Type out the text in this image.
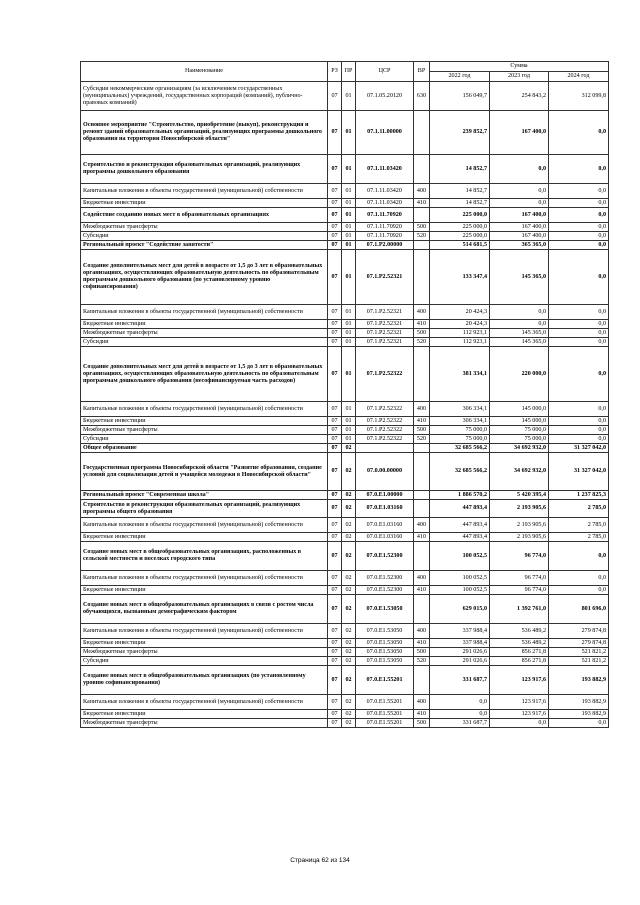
Наименование	РЗ	ПР	ЦСР	ВР	Сумма		
					2022 год	2023 год	2024 год
Субсидии некоммерческим организациям (за исключением государственных (муниципальных) учреждений, государственных корпораций (компаний), публично-правовых компаний)	07	01	07.1.05.20120	630	156 049,7	254 843,2	312 099,8
Основное мероприятие "Строительство, приобретение (выкуп), реконструкция и ремонт зданий образовательных организаций, реализующих программы дошкольного образования на территории Новосибирской области"	07	01	07.1.11.00000		239 852,7	167 400,0	0,0
Строительство и реконструкция образовательных организаций, реализующих программы дошкольного образования	07	01	07.1.11.03420		14 852,7	0,0	0,0
Капитальные вложения в объекты государственной (муниципальной) собственности	07	01	07.1.11.03420	400	14 852,7	0,0	0,0
Бюджетные инвестиции	07	01	07.1.11.03420	410	14 852,7	0,0	0,0
Содействие созданию новых мест в образовательных организациях	07	01	07.1.11.70920		225 000,0	167 400,0	0,0
Межбюджетные трансферты	07	01	07.1.11.70920	500	225 000,0	167 400,0	0,0
Субсидии	07	01	07.1.11.70920	520	225 000,0	167 400,0	0,0
Региональный проект "Содействие занятости"	07	01	07.1.P2.00000		514 681,5	365 365,0	0,0
Создание дополнительных мест для детей в возрасте от 1,5 до 3 лет в образовательных организациях, осуществляющих образовательную деятельность по образовательным программам дошкольного образования (по установленному уровню софинансирования)	07	01	07.1.P2.52321		133 347,4	145 365,0	0,0
Капитальные вложения в объекты государственной (муниципальной) собственности	07	01	07.1.P2.52321	400	20 424,3	0,0	0,0
Бюджетные инвестиции	07	01	07.1.P2.52321	410	20 424,3	0,0	0,0
Межбюджетные трансферты	07	01	07.1.P2.52321	500	112 923,1	145 365,0	0,0
Субсидии	07	01	07.1.P2.52321	520	112 923,1	145 365,0	0,0
Создание дополнительных мест для детей в возрасте от 1,5 до 3 лет в образовательных организациях, осуществляющих образовательную деятельность по образовательным программам дошкольного образования (несофинансируемая часть расходов)	07	01	07.1.P2.52322		381 334,1	220 000,0	0,0
Капитальные вложения в объекты государственной (муниципальной) собственности	07	01	07.1.P2.52322	400	306 334,1	145 000,0	0,0
Бюджетные инвестиции	07	01	07.1.P2.52322	410	306 334,1	145 000,0	0,0
Межбюджетные трансферты	07	01	07.1.P2.52322	500	75 000,0	75 000,0	0,0
Субсидии	07	01	07.1.P2.52322	520	75 000,0	75 000,0	0,0
Общее образование	07	02			32 685 566,2	34 692 932,0	31 327 042,0
Государственная программа Новосибирской области "Развитие образования, создание условий для социализации детей и учащейся молодежи в Новосибирской области"	07	02	07.0.00.00000		32 685 566,2	34 692 932,0	31 327 042,0
Региональный проект "Современная школа"	07	02	07.0.E1.00000		1 886 570,2	5 420 395,4	1 237 825,3
Строительство и реконструкция образовательных организаций, реализующих программы общего образования	07	02	07.0.E1.03160		447 893,4	2 193 905,6	2 785,0
Капитальные вложения в объекты государственной (муниципальной) собственности	07	02	07.0.E1.03160	400	447 893,4	2 193 905,6	2 785,0
Бюджетные инвестиции	07	02	07.0.E1.03160	410	447 893,4	2 193 905,6	2 785,0
Создание новых мест в общеобразовательных организациях, расположенных в сельской местности и поселках городского типа	07	02	07.0.E1.52300		100 052,5	96 774,0	0,0
Капитальные вложения в объекты государственной (муниципальной) собственности	07	02	07.0.E1.52300	400	100 052,5	96 774,0	0,0
Бюджетные инвестиции	07	02	07.0.E1.52300	410	100 052,5	96 774,0	0,0
Создание новых мест в общеобразовательных организациях в связи с ростом числа обучающихся, вызванным демографическим фактором	07	02	07.0.E1.53050		629 015,0	1 392 761,0	801 696,0
Капитальные вложения в объекты государственной (муниципальной) собственности	07	02	07.0.E1.53050	400	337 988,4	536 489,2	279 874,8
Бюджетные инвестиции	07	02	07.0.E1.53050	410	337 988,4	536 489,2	279 874,8
Межбюджетные трансферты	07	02	07.0.E1.53050	500	291 026,6	856 271,8	521 821,2
Субсидии	07	02	07.0.E1.53050	520	291 026,6	856 271,8	521 821,2
Создание новых мест в общеобразовательных организациях (по установленному уровню софинансирования)	07	02	07.0.E1.55201		331 687,7	123 917,6	193 882,9
Капитальные вложения в объекты государственной (муниципальной) собственности	07	02	07.0.E1.55201	400	0,0	123 917,6	193 882,9
Бюджетные инвестиции	07	02	07.0.E1.55201	410	0,0	123 917,6	193 882,9
Межбюджетные трансферты	07	02	07.0.E1.55201	500	331 687,7	0,0	0,0
Страница 62 из 134
